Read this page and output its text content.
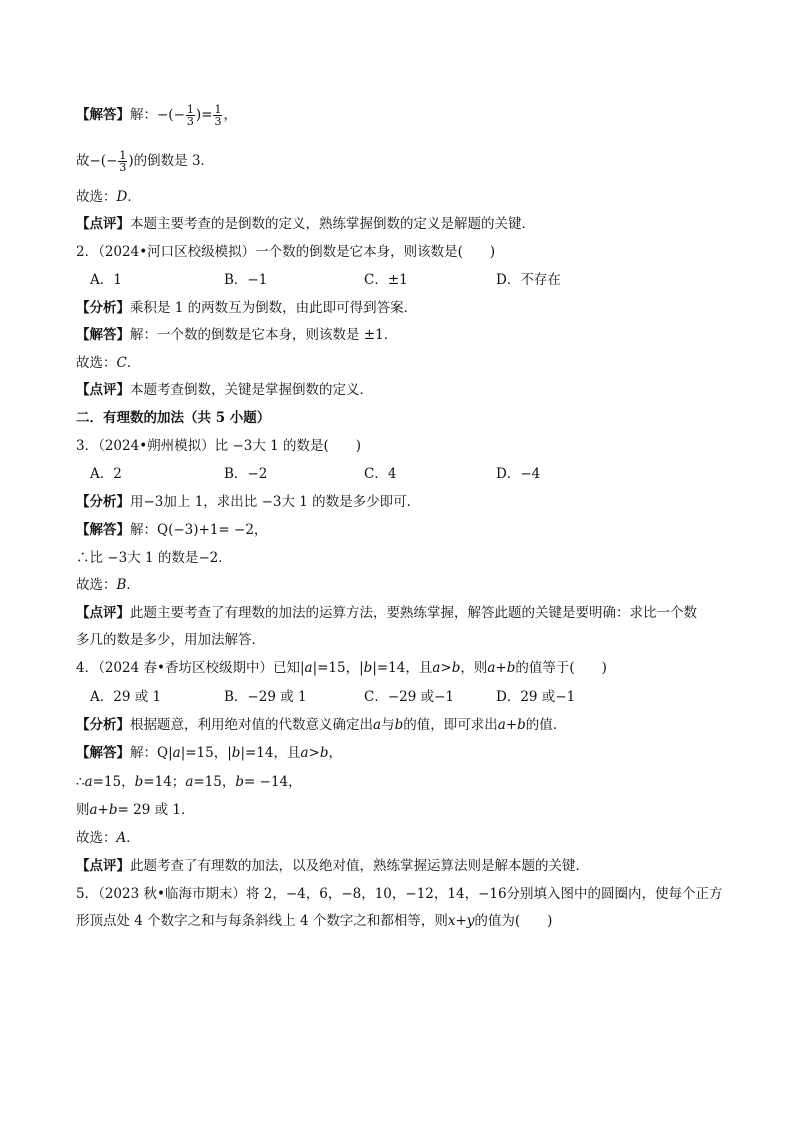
【解答】解：−(− $\frac{1}{3}$ )= $\frac{1}{3}$ ，
故−(− $\frac{1}{3}$ )的倒数是 3．
故选：D．
【点评】本题主要考查的是倒数的定义，熟练掌握倒数的定义是解题的关键．
2．（2024•河口区校级模拟）一个数的倒数是它本身，则该数是(　　)
A．1	B．−1	C．±1	D．不存在
【分析】乘积是 1 的两数互为倒数，由此即可得到答案．
【解答】解：一个数的倒数是它本身，则该数是 ±1．
故选：C．
【点评】本题考查倒数，关键是掌握倒数的定义．
二．有理数的加法（共 5 小题）
3．（2024•朔州模拟）比 −3大 1 的数是(　　)
A．2	B．−2	C．4	D．−4
【分析】用−3加上 1，求出比 −3大 1 的数是多少即可．
【解答】解：Q(−3)+1= −2，
∴比 −3大 1 的数是−2．
故选：B．
【点评】此题主要考查了有理数的加法的运算方法，要熟练掌握，解答此题的关键是要明确：求比一个数
多几的数是多少，用加法解答．
4．（2024 春•香坊区校级期中）已知|a|=15，|b|=14，且a>b，则a+b的值等于(　　)
A．29 或 1	B．−29 或 1	C．−29 或−1	D．29 或−1
【分析】根据题意，利用绝对值的代数意义确定出a与b的值，即可求出a+b的值．
【解答】解：Q|a|=15，|b|=14，且a>b，
∴a=15，b=14；a=15，b= −14，
则a+b= 29 或 1．
故选：A．
【点评】此题考查了有理数的加法，以及绝对值，熟练掌握运算法则是解本题的关键．
5．（2023 秋•临海市期末）将 2，−4，6，−8，10，−12，14，−16分别填入图中的圆圈内，使每个正方
形顶点处 4 个数字之和与每条斜线上 4 个数字之和都相等，则x+y的值为(　　)
